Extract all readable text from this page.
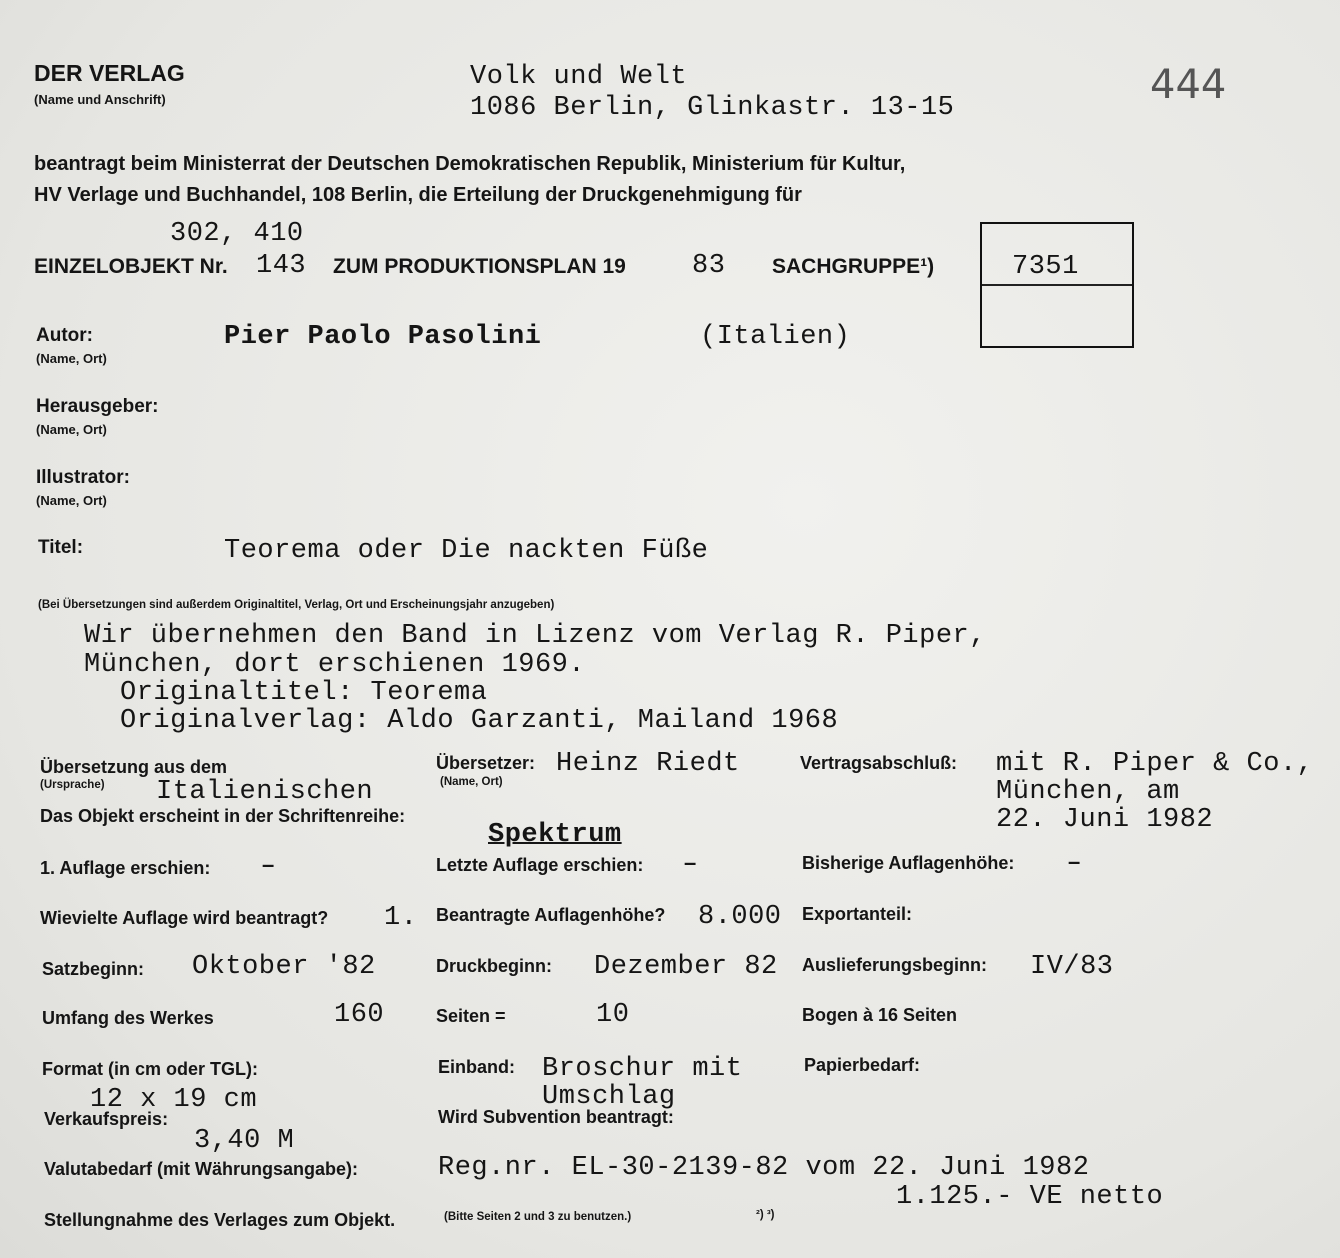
DER VERLAG
(Name und Anschrift)
Volk und Welt
1086 Berlin, Glinkastr. 13-15	444
beantragt beim Ministerrat der Deutschen Demokratischen Republik, Ministerium für Kultur,
HV Verlage und Buchhandel, 108 Berlin, die Erteilung der Druckgenehmigung für
302, 410
EINZELOBJEKT Nr. 143 ZUM PRODUKTIONSPLAN 19 83 SACHGRUPPE¹)	7351
Autor:
(Name, Ort)
Pier Paolo Pasolini	(Italien)
Herausgeber:
(Name, Ort)
Illustrator:
(Name, Ort)
Titel:	Teorema oder Die nackten Füße
(Bei Übersetzungen sind außerdem Originaltitel, Verlag, Ort und Erscheinungsjahr anzugeben)
Wir übernehmen den Band in Lizenz vom Verlag R. Piper,
München, dort erschienen 1969.
Originaltitel: Teorema
Originalverlag: Aldo Garzanti, Mailand 1968
Übersetzung aus dem
(Ursprache) Italienischen
Übersetzer:
(Name, Ort)
Heinz Riedt	Vertragsabschluß: mit R. Piper & Co.,
München, am
22. Juni 1982
Das Objekt erscheint in der Schriftenreihe:
Spektrum
1. Auflage erschien: –	Letzte Auflage erschien: –	Bisherige Auflagenhöhe: –
Wievielte Auflage wird beantragt? 1. Beantragte Auflagenhöhe? 8.000 Exportanteil:
Satzbeginn: Oktober '82	Druckbeginn: Dezember 82 Auslieferungsbeginn: IV/83
Umfang des Werkes	160	Seiten =	10	Bogen à 16 Seiten
Format (in cm oder TGL):
12 x 19 cm
Einband: Broschur mit
Umschlag
Papierbedarf:
Verkaufspreis:
3,40 M
Wird Subvention beantragt:
Valutabedarf (mit Währungsangabe):	Reg.nr. EL-30-2139-82 vom 22. Juni 1982
1.125.- VE netto
Stellungnahme des Verlages zum Objekt.	(Bitte Seiten 2 und 3 zu benutzen.)	²) ³)
